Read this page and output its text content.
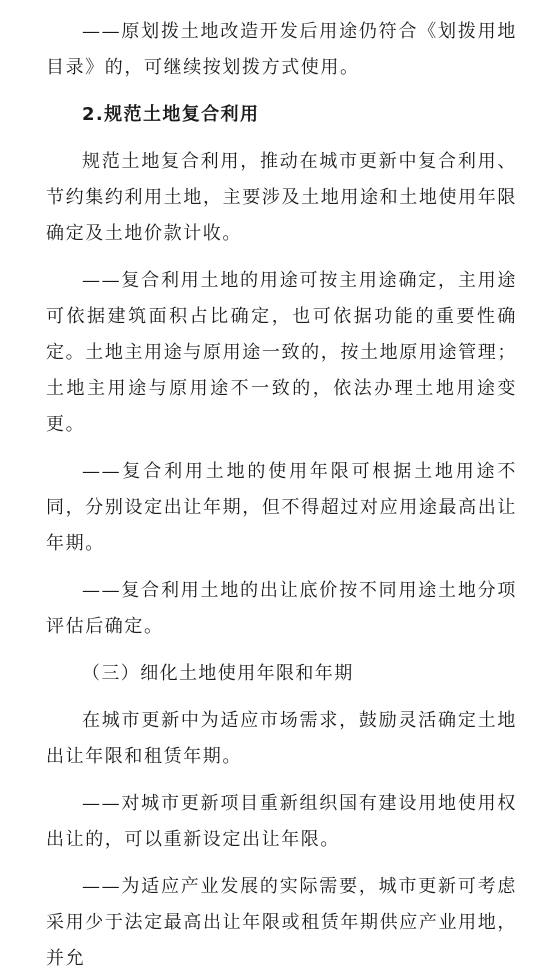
——原划拨土地改造开发后用途仍符合《划拨用地目录》的，可继续按划拨方式使用。

2.规范土地复合利用

规范土地复合利用，推动在城市更新中复合利用、节约集约利用土地，主要涉及土地用途和土地使用年限确定及土地价款计收。

——复合利用土地的用途可按主用途确定，主用途可依据建筑面积占比确定，也可依据功能的重要性确定。土地主用途与原用途一致的，按土地原用途管理；土地主用途与原用途不一致的，依法办理土地用途变更。

——复合利用土地的使用年限可根据土地用途不同，分别设定出让年期，但不得超过对应用途最高出让年期。

——复合利用土地的出让底价按不同用途土地分项评估后确定。

（三）细化土地使用年限和年期

在城市更新中为适应市场需求，鼓励灵活确定土地出让年限和租赁年期。

——对城市更新项目重新组织国有建设用地使用权出让的，可以重新设定出让年限。

——为适应产业发展的实际需要，城市更新可考虑采用少于法定最高出让年限或租赁年期供应产业用地，并允
